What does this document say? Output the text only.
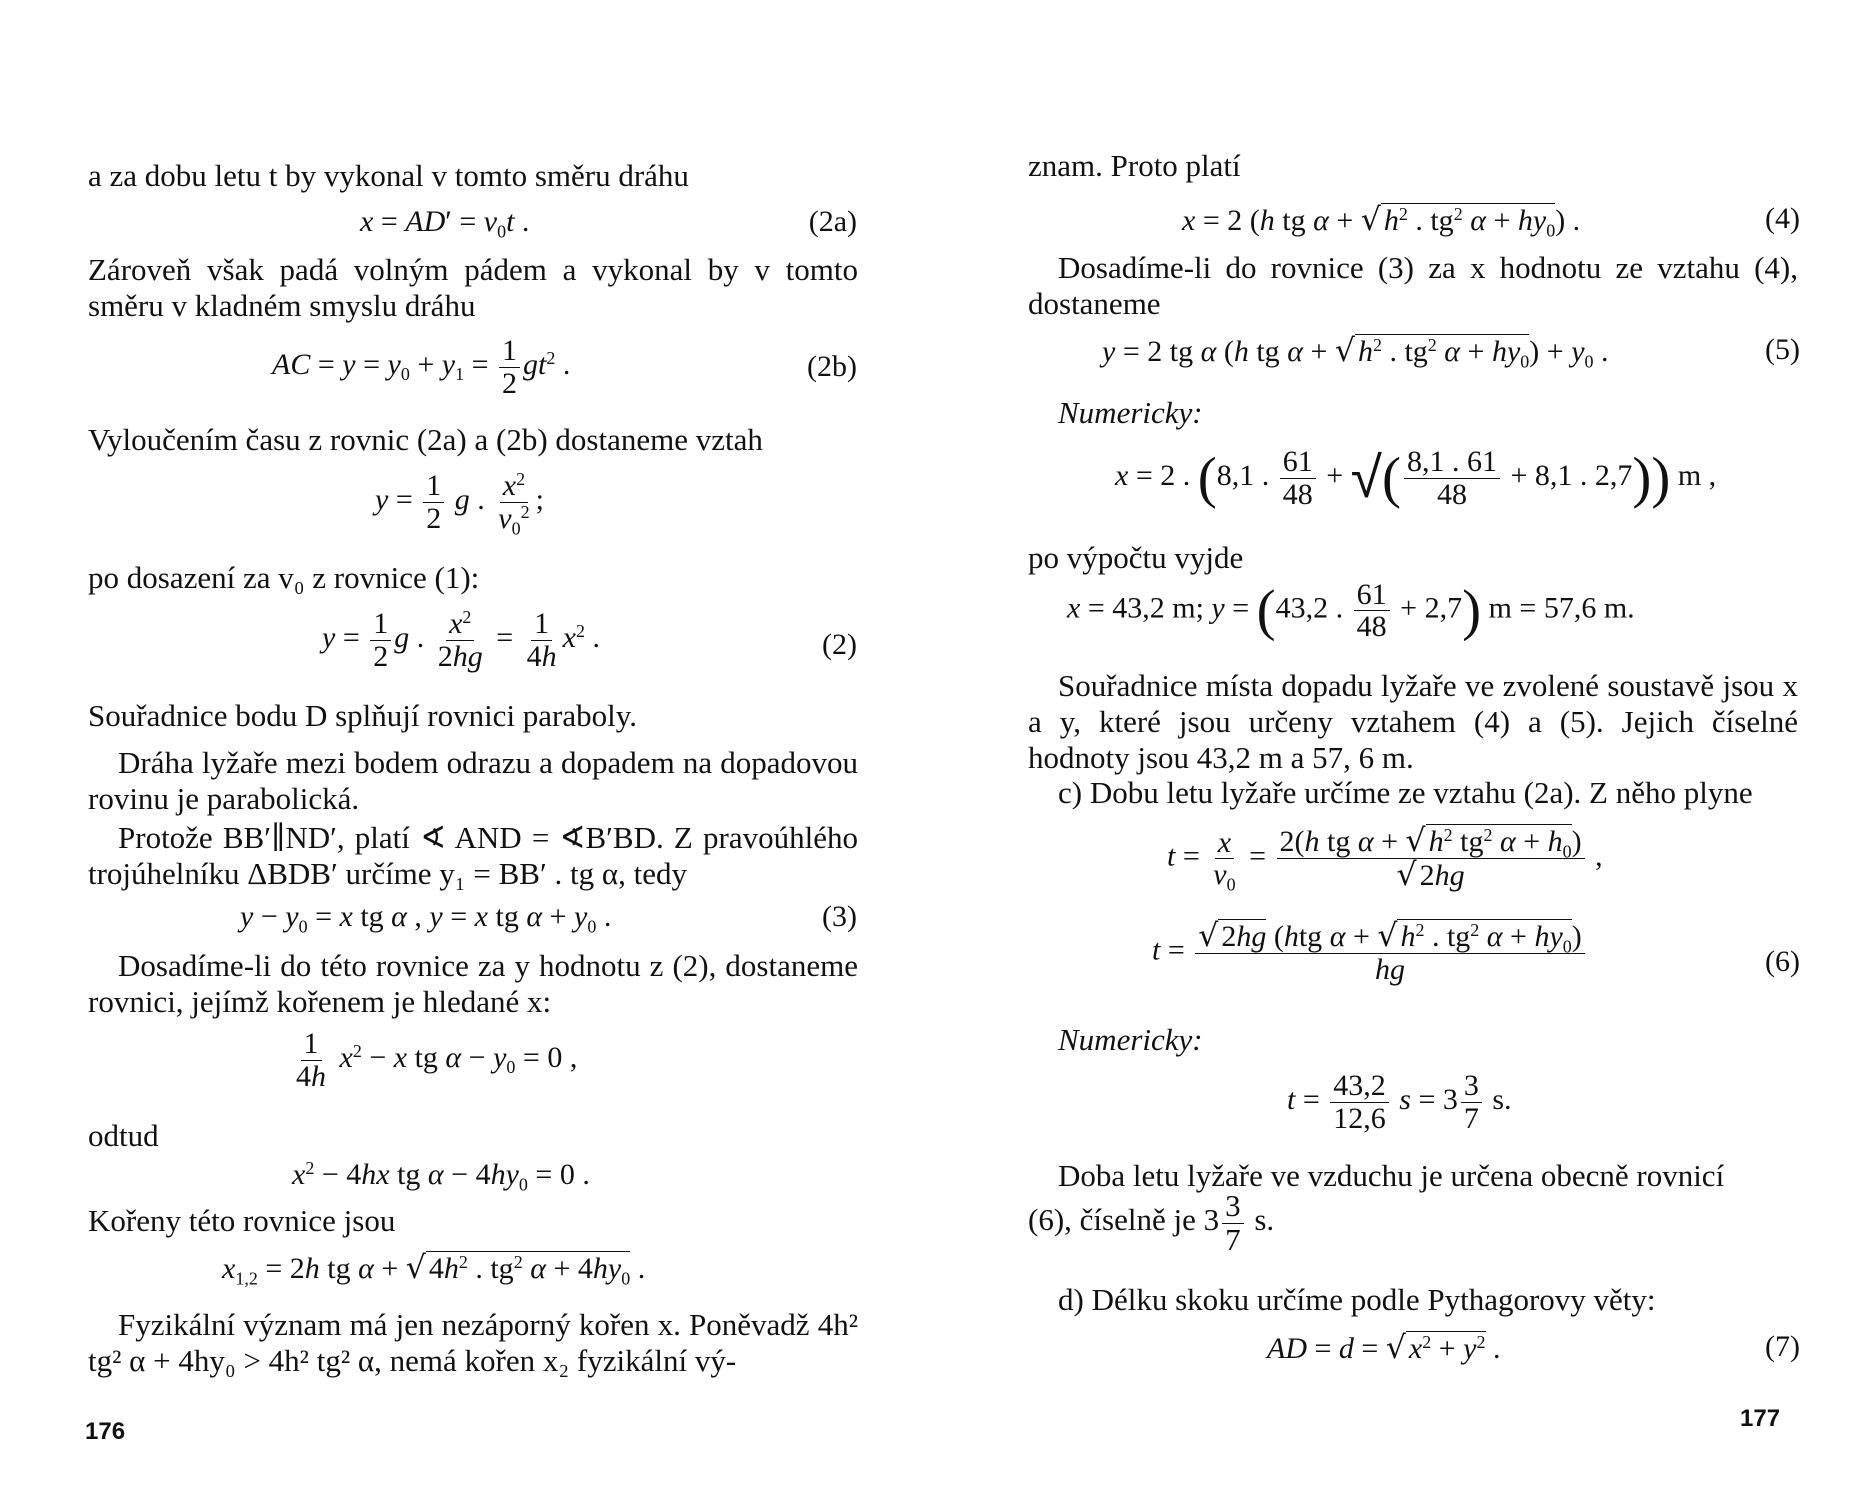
a za dobu letu t by vykonal v tomto směru dráhu
$x = AD' = v_0t$ .	(2a)
Zároveň však padá volným pádem a vykonal by v tomto směru v kladném smyslu dráhu
AC = $y = y_0 + y_1 = \frac{1}{2} gt^2$ .	(2b)
Vyloučením času z rovnic (2a) a (2b) dostaneme vztah
$y = \frac{1}{2}$ g . $\frac{x^2}{v_0^2}$ ;
po dosazení za v₀ z rovnice (1):
$y = \frac{1}{2}$ g . $\frac{x^2}{2hg} = \frac{1}{4h} x^2$ .	(2)
Souřadnice bodu D splňují rovnici paraboly.
Dráha lyžaře mezi bodem odrazu a dopadem na dopadovou rovinu je parabolická.
Protože BB′∥ND′, platí ∢ AND = ∢B′BD. Z pravoúhlého trojúhelníku ΔBDB′ určíme y₁ = BB′ . tg α, tedy
$y - y_0 = x$ tg α , y = x tg $\alpha + y_0$ .	(3)
Dosadíme-li do této rovnice za y hodnotu z (2), dostaneme rovnici, jejímž kořenem je hledané x:
$\frac{1}{4h} x^2 - x$ tg $\alpha - y_0 = 0$ ,
odtud
$x^2 - 4hx$ tg $\alpha - 4hy_0 = 0$ .
Kořeny této rovnice jsou
$x_{1,2} = 2h$ tg α + √ $4h^2$ . $tg^2$ $\alpha + 4hy_0$ .
Fyzikální význam má jen nezáporný kořen x. Poněvadž 4h² tg² α + 4hy₀ > 4h² tg² α, nemá kořen x₂ fyzikální vý-
176
znam. Proto platí
x = 2 (h tg α + √ $h^2$ . $tg^2$ $\alpha + hy_0$) .	(4)
Dosadíme-li do rovnice (3) za x hodnotu ze vztahu (4), dostaneme
y = 2 tg α (h tg α + √ $h^2$ . $tg^2$ $\alpha + hy_0) + y_0$ .	(5)
Numericky:
x = 2 . (8,1 . $\frac{61}{48}$ + √( $\frac{8,1 . 61}{48} + 8,1$ . 2,7)) m ,
po výpočtu vyjde
x = 43,2 m; y = (43,2 . $\frac{61}{48} + 2,7$) m = 57,6 m.
Souřadnice místa dopadu lyžaře ve zvolené soustavě jsou x a y, které jsou určeny vztahem (4) a (5). Jejich číselné hodnoty jsou 43,2 m a 57, 6 m.
c) Dobu letu lyžaře určíme ze vztahu (2a). Z něho plyne
$t = \frac{x}{v_0} = \frac{2(h tg \alpha + √ h^2 tg^2 \alpha + h_0)}{√ 2hg}$ ,
$t = \frac{√ 2hg (htg \alpha + √ h^2 . tg^2 \alpha + hy_0)}{hg}$	(6)
Numericky:
$t = \frac{43,2}{12,6}$ $s = 3 \frac{3}{7} s$.
Doba letu lyžaře ve vzduchu je určena obecně rovnicí
(6), číselně je $3 \frac{3}{7} s$.
d) Délku skoku určíme podle Pythagorovy věty:
AD = d = √ $x^2 + y^2$ .	(7)
177
